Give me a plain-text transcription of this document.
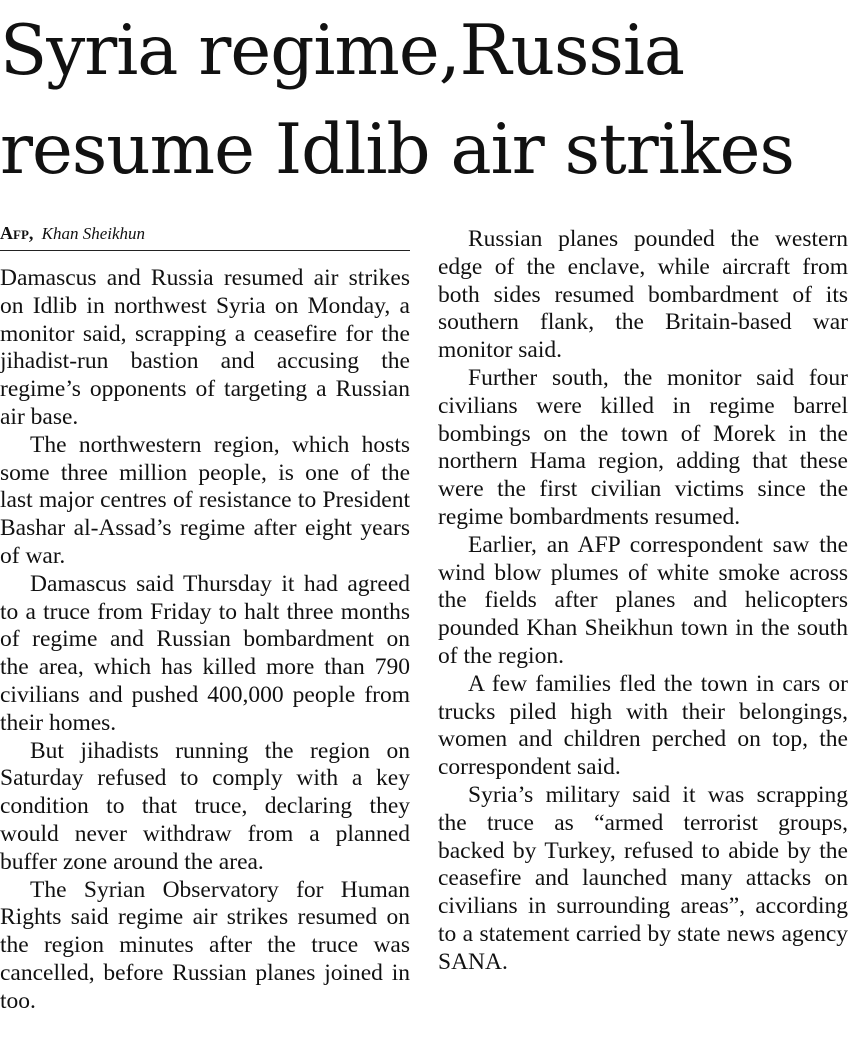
Syria regime,Russia
resume Idlib air strikes
Afp, Khan Sheikhun

Damascus and Russia resumed air strikes on Idlib in northwest Syria on Monday, a monitor said, scrapping a ceasefire for the jihadist-run bastion and accusing the regime’s opponents of targeting a Russian air base.

The northwestern region, which hosts some three million people, is one of the last major centres of resistance to President Bashar al-Assad’s regime after eight years of war.

Damascus said Thursday it had agreed to a truce from Friday to halt three months of regime and Russian bombardment on the area, which has killed more than 790 civilians and pushed 400,000 people from their homes.

But jihadists running the region on Saturday refused to comply with a key condition to that truce, declaring they would never withdraw from a planned buffer zone around the area.

The Syrian Observatory for Human Rights said regime air strikes resumed on the region minutes after the truce was cancelled, before Russian planes joined in too.

Russian planes pounded the western edge of the enclave, while aircraft from both sides resumed bombardment of its southern flank, the Britain-based war monitor said.

Further south, the monitor said four civilians were killed in regime barrel bombings on the town of Morek in the northern Hama region, adding that these were the first civilian victims since the regime bombardments resumed.

Earlier, an AFP correspondent saw the wind blow plumes of white smoke across the fields after planes and helicopters pounded Khan Sheikhun town in the south of the region.

A few families fled the town in cars or trucks piled high with their belongings, women and children perched on top, the correspondent said.

Syria’s military said it was scrapping the truce as “armed terrorist groups, backed by Turkey, refused to abide by the ceasefire and launched many attacks on civilians in surrounding areas”, according to a statement carried by state news agency SANA.
